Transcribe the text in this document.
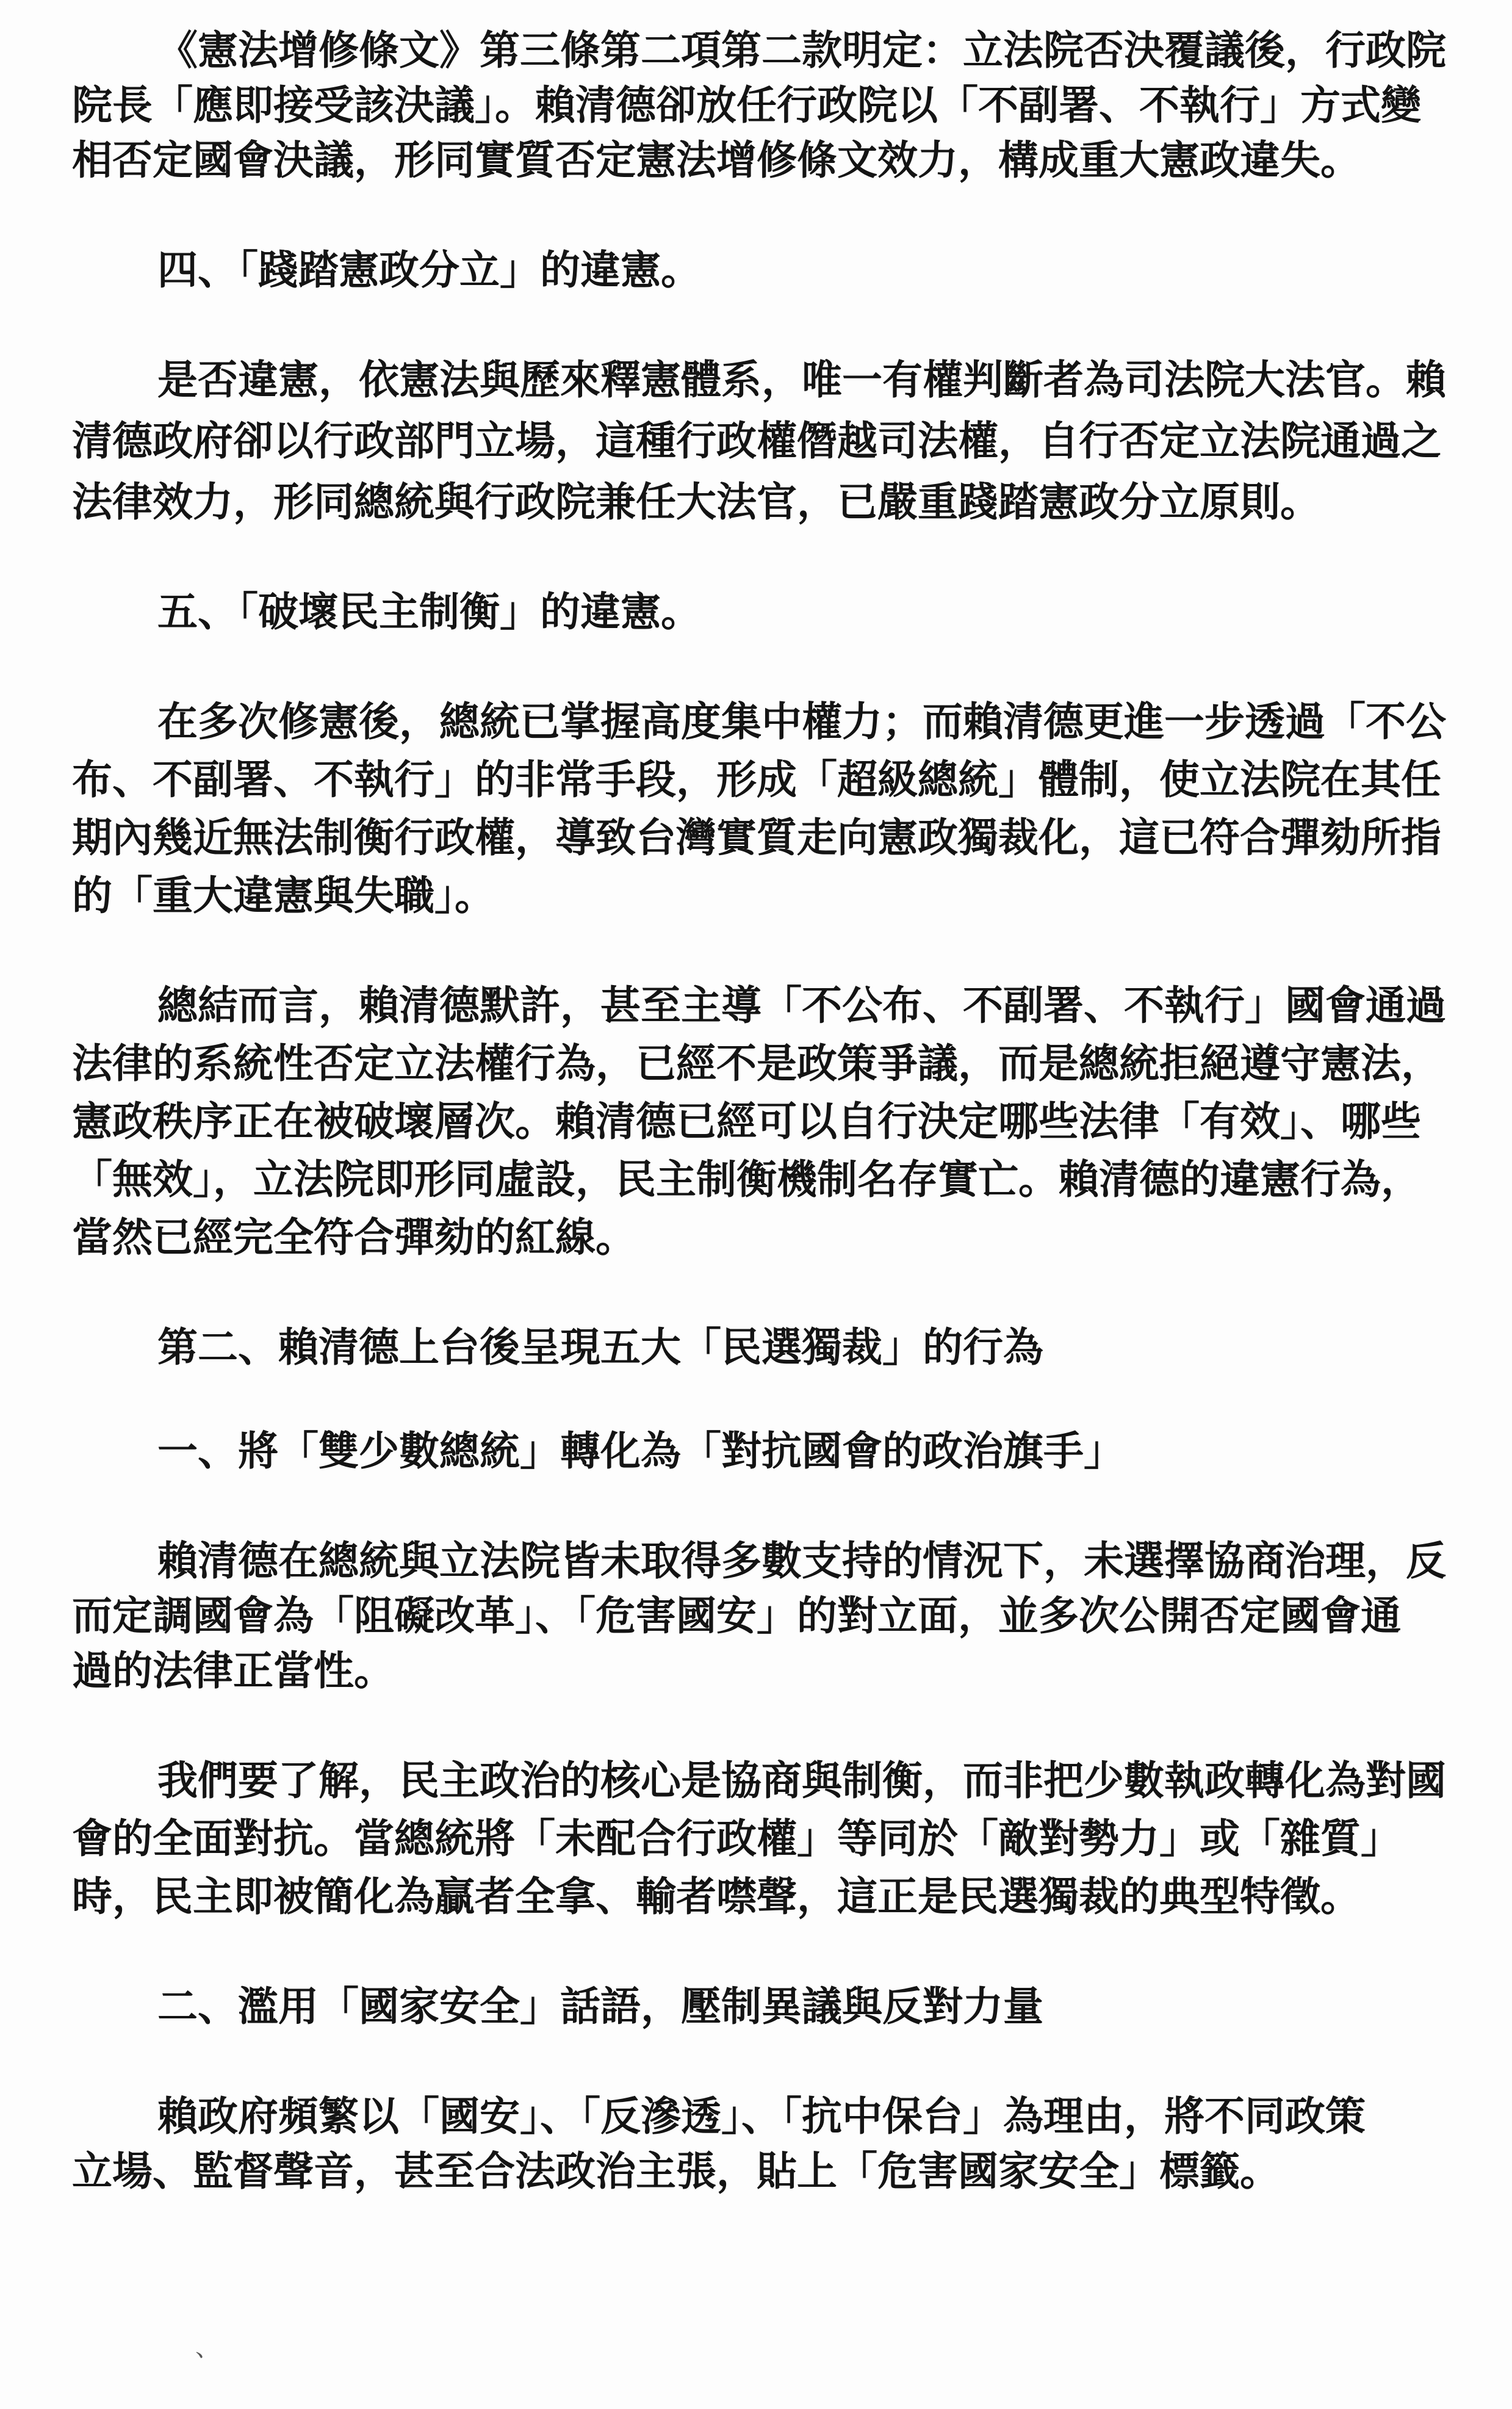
《憲法增修條文》第三條第二項第二款明定：立法院否決覆議後，行政院
院長「應即接受該決議」。賴清德卻放任行政院以「不副署、不執行」方式變
相否定國會決議，形同實質否定憲法增修條文效力，構成重大憲政違失。
四、「踐踏憲政分立」的違憲。
是否違憲，依憲法與歷來釋憲體系，唯一有權判斷者為司法院大法官。賴
清德政府卻以行政部門立場，這種行政權僭越司法權，自行否定立法院通過之
法律效力，形同總統與行政院兼任大法官，已嚴重踐踏憲政分立原則。
五、「破壞民主制衡」的違憲。
在多次修憲後，總統已掌握高度集中權力；而賴清德更進一步透過「不公
布、不副署、不執行」的非常手段，形成「超級總統」體制，使立法院在其任
期內幾近無法制衡行政權，導致台灣實質走向憲政獨裁化，這已符合彈劾所指
的「重大違憲與失職」。
總結而言，賴清德默許，甚至主導「不公布、不副署、不執行」國會通過
法律的系統性否定立法權行為，已經不是政策爭議，而是總統拒絕遵守憲法，
憲政秩序正在被破壞層次。賴清德已經可以自行決定哪些法律「有效」、哪些
「無效」，立法院即形同虛設，民主制衡機制名存實亡。賴清德的違憲行為，
當然已經完全符合彈劾的紅線。
第二、賴清德上台後呈現五大「民選獨裁」的行為
一、將「雙少數總統」轉化為「對抗國會的政治旗手」
賴清德在總統與立法院皆未取得多數支持的情況下，未選擇協商治理，反
而定調國會為「阻礙改革」、「危害國安」的對立面，並多次公開否定國會通
過的法律正當性。
我們要了解，民主政治的核心是協商與制衡，而非把少數執政轉化為對國
會的全面對抗。當總統將「未配合行政權」等同於「敵對勢力」或「雜質」
時，民主即被簡化為贏者全拿、輸者噤聲，這正是民選獨裁的典型特徵。
二、濫用「國家安全」話語，壓制異議與反對力量
賴政府頻繁以「國安」、「反滲透」、「抗中保台」為理由，將不同政策
立場、監督聲音，甚至合法政治主張，貼上「危害國家安全」標籤。
、
